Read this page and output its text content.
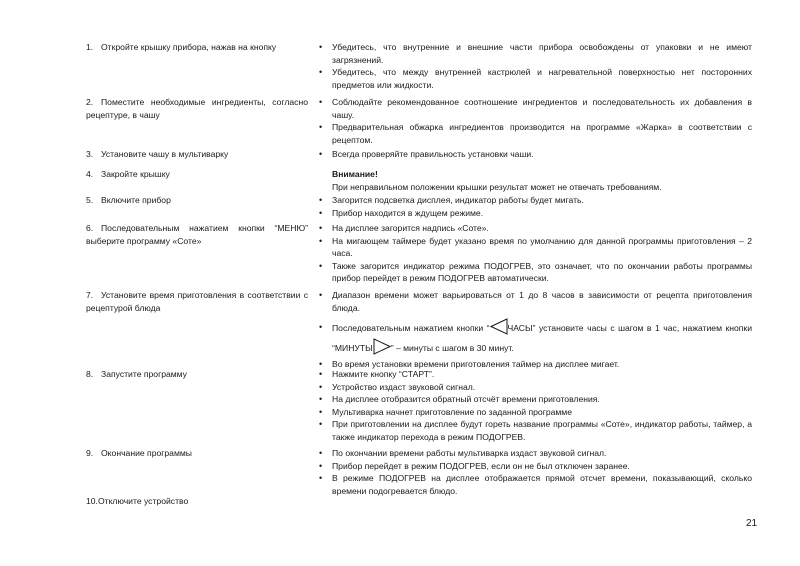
1. Откройте крышку прибора, нажав на кнопку	• Убедитесь, что внутренние и внешние части прибора освобождены от упаковки и не имеют загрязнений.
• Убедитесь, что между внутренней кастрюлей и нагревательной поверхностью нет посторонних предметов или жидкости.
2. Поместите необходимые ингредиенты, согласно рецептуре, в чашу
• Соблюдайте рекомендованное соотношение ингредиентов и последовательность их добавления в чашу.
• Предварительная обжарка ингредиентов производится на программе «Жарка» в соответствии с рецептом.
3. Установите чашу в мультиварку	• Всегда проверяйте правильность установки чаши.
4. Закройте крышку	Внимание!
При неправильном положении крышки результат может не отвечать требованиям.
5. Включите прибор	• Загорится подсветка дисплея, индикатор работы будет мигать.
• Прибор находится в ждущем режиме.
6. Последовательным нажатием кнопки “МЕНЮ” выберите программу «Соте»
• На дисплее загорится надпись «Соте».
• На мигающем таймере будет указано время по умолчанию для данной программы приготовления – 2 часа.
• Также загорится индикатор режима ПОДОГРЕВ, это означает, что по окончании работы программы прибор перейдет в режим ПОДОГРЕВ автоматически.
7. Установите время приготовления в соответствии с рецептурой блюда
• Диапазон времени может варьироваться от 1 до 8 часов в зависимости от рецепта приготовления блюда.
• Последовательным нажатием кнопки “ ЧАСЫ” установите часы с шагом в 1 час, нажатием кнопки “МИНУТЫ ” – минуты с шагом в 30 минут.
• Во время установки времени приготовления таймер на дисплее мигает.
8. Запустите программу	• Нажмите кнопку “СТАРТ”.
• Устройство издаст звуковой сигнал.
• На дисплее отобразится обратный отсчёт времени приготовления.
• Мультиварка начнет приготовление по заданной программе
• При приготовлении на дисплее будут гореть название программы «Соте», индикатор работы, таймер, а также индикатор перехода в режим ПОДОГРЕВ.
9. Окончание программы	• По окончании времени работы мультиварка издаст звуковой сигнал.
• Прибор перейдет в режим ПОДОГРЕВ, если он не был отключен заранее.
• В режиме ПОДОГРЕВ на дисплее отображается прямой отсчет времени, показывающий, сколько времени подогревается блюдо.
10.Отключите устройство
21
